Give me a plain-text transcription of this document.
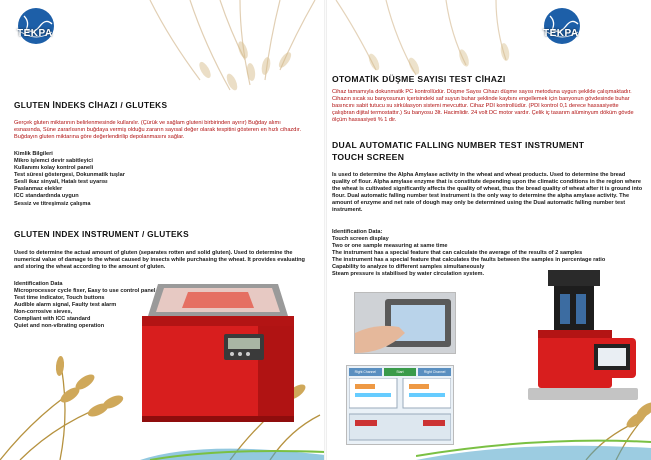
TEKPA
GLUTEN İNDEKS CİHAZI / GLUTEKS

Gerçek gluten miktarının belirlenmesinde kullanılır. (Çürük ve sağlam gluteni birbirinden ayırır) Buğday alımı esnasında, Süne zararlısının buğdaya vermiş olduğu zararın sayısal değer olarak tespitini gösteren en hızlı cihazdır. Buğdayın gluten miktarına göre değerlendirilip depolanmasını sağlar.

Kimlik Bilgileri

Mikro işlemci devir sabitleyici
Kullanımı kolay kontrol paneli
Test süresi göstergesi, Dokunmatik tuşlar
Sesli ikaz sinyali, Hatalı test uyarısı
Paslanmaz elekler
ICC standardında uygun
Sessiz ve titreşimsiz çalışma
GLUTEN INDEX INSTRUMENT / GLUTEKS

Used to determine the actual amount of gluten (separates rotten and solid gluten). Used to determine the numerical value of damage to the wheat caused by insects while purchasing the wheat. It provides evaluating and storing the wheat according to the amount of gluten.

Identification Data

Microprocessor cycle fixer, Easy to use control panel
Test time indicator, Touch buttons
Audible alarm signal, Faulty test alarm
Non-corrosive sieves,
Compliant with ICC standard
Quiet and non-vibrating operation
TEKPA
OTOMATİK DÜŞME SAYISI TEST CİHAZI

Cihaz tamamıyla dokunmatik PC kontrollüdür. Düşme Sayısı Cihazı düşme sayısı metoduna uygun şekilde çalışmaktadır. Cihazın sıcak su banyosunun içerisindeki saf suyun buhar şeklinde kaybını engellemek için banyonun gövdesinde buhar basıncını sabit tutucu su sirkülasyon sistemi mevcuttur. Cihaz PDI kontrollüdür. (PDI kontrol 0,1 derece hassasiyette çalışbran dijital termostattır.) Su banyosu 3lt. Hacimlidir. 24 volt DC motor vardır. Çelik iç tasarım alüminyum döküm gövde ölçüm hassasiyeti % 1 dir.

DUAL AUTOMATIC FALLING NUMBER TEST INSTRUMENT
TOUCH SCREEN

Is used to determine the Alpha Amylase activity in the wheat and wheat products. Used to determine the bread quality of flour. Alpha amylase enzyme that is constitute depending upon the climatic conditions in the region where the wheat is cultivated significantly affects the quality of wheat, thus the bread quality of wheat after it is ground into flour. Dual automatic falling number test instrument is the only way to determine the alpha amylase activity. The amount of enzyme and net rate of dough may only be determined using the Dual automatic falling number test instrument.

Identification Data:

Touch screen display
Two or one sample measuring at same time
The instrument has a special feature that can calculate the average of the results of 2 samples
The instrument has a special feature that calculates the faults between the samples in percentage ratio
Capability to analyze to different samples simultaneously
Steam pressure is stabilised by water circulation system.
Right Channel	Start	Right Channel
